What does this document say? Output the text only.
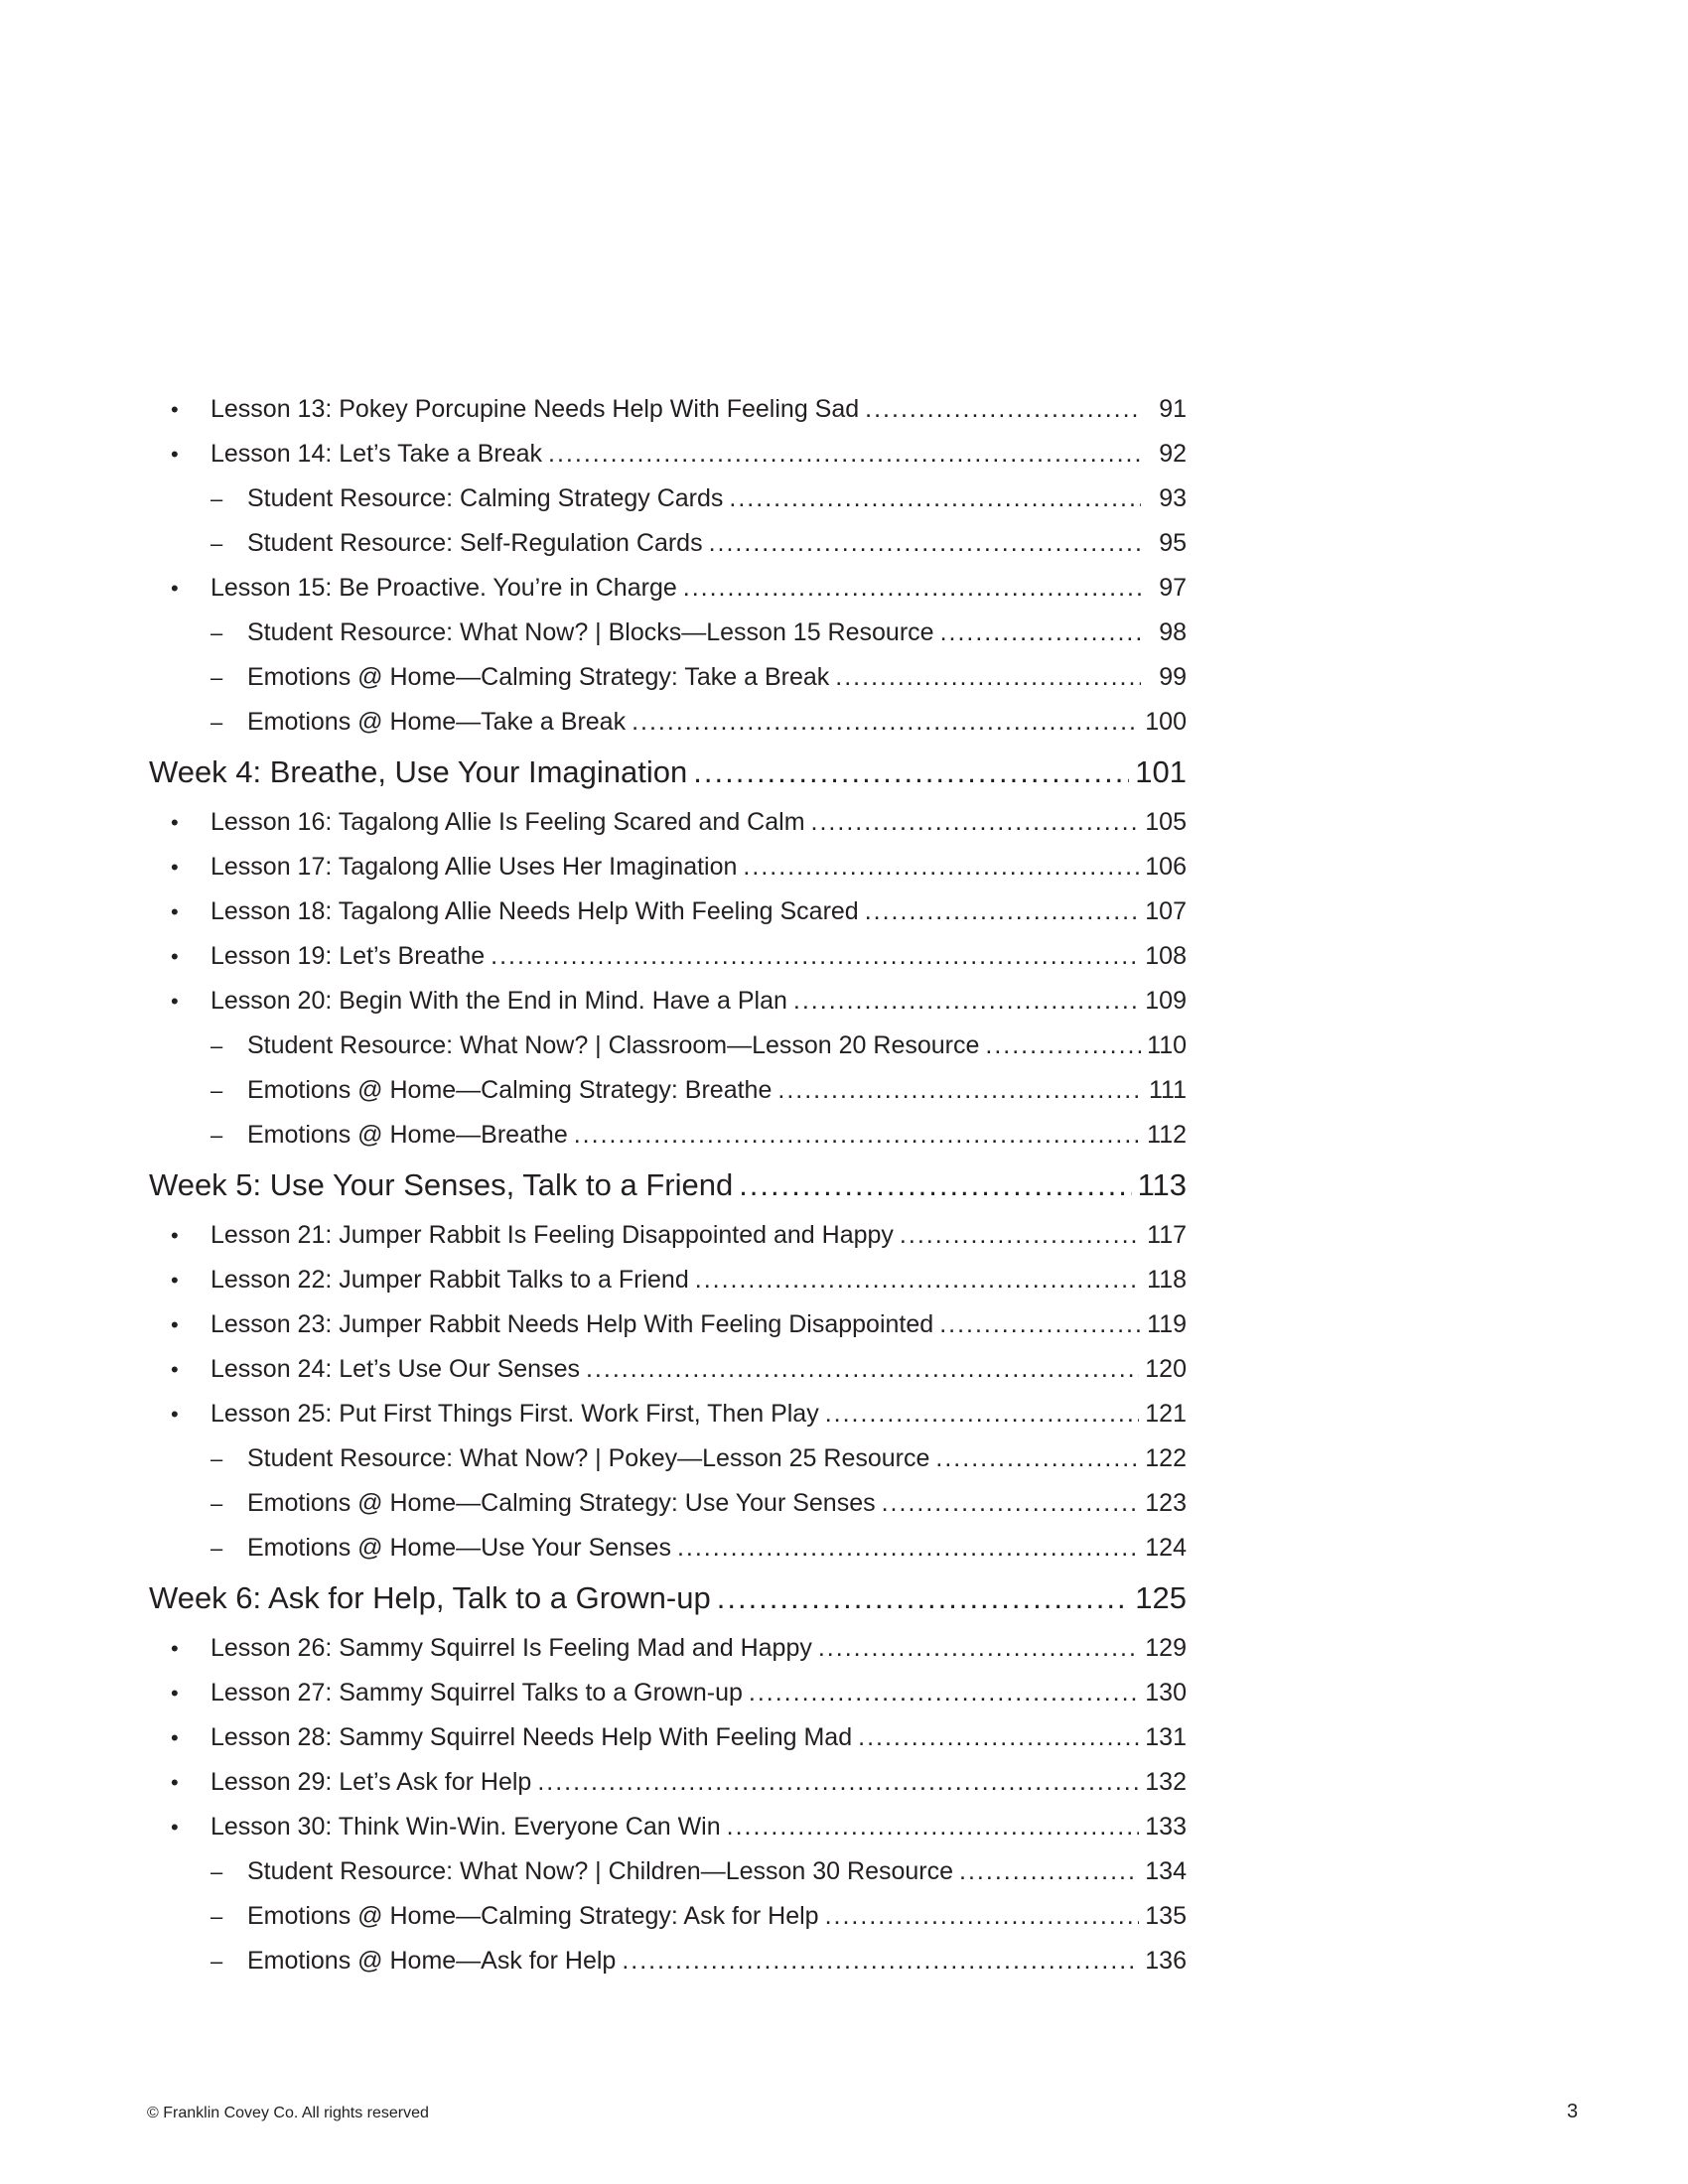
• Lesson 13: Pokey Porcupine Needs Help With Feeling Sad .....	91
• Lesson 14: Let’s Take a Break .....	92
– Student Resource: Calming Strategy Cards .....	93
– Student Resource: Self-Regulation Cards .....	95
• Lesson 15: Be Proactive. You’re in Charge .....	97
– Student Resource: What Now? | Blocks—Lesson 15 Resource .....	98
– Emotions @ Home—Calming Strategy: Take a Break .....	99
– Emotions @ Home—Take a Break .....	100
Week 4: Breathe, Use Your Imagination .....	101
• Lesson 16: Tagalong Allie Is Feeling Scared and Calm .....	105
• Lesson 17: Tagalong Allie Uses Her Imagination .....	106
• Lesson 18: Tagalong Allie Needs Help With Feeling Scared .....	107
• Lesson 19: Let’s Breathe .....	108
• Lesson 20: Begin With the End in Mind. Have a Plan .....	109
– Student Resource: What Now? | Classroom—Lesson 20 Resource .....	110
– Emotions @ Home—Calming Strategy: Breathe .....	111
– Emotions @ Home—Breathe .....	112
Week 5: Use Your Senses, Talk to a Friend .....	113
• Lesson 21: Jumper Rabbit Is Feeling Disappointed and Happy .....	117
• Lesson 22: Jumper Rabbit Talks to a Friend .....	118
• Lesson 23: Jumper Rabbit Needs Help With Feeling Disappointed .....	119
• Lesson 24: Let’s Use Our Senses .....	120
• Lesson 25: Put First Things First. Work First, Then Play .....	121
– Student Resource: What Now? | Pokey—Lesson 25 Resource .....	122
– Emotions @ Home—Calming Strategy: Use Your Senses .....	123
– Emotions @ Home—Use Your Senses .....	124
Week 6: Ask for Help, Talk to a Grown-up .....	125
• Lesson 26: Sammy Squirrel Is Feeling Mad and Happy .....	129
• Lesson 27: Sammy Squirrel Talks to a Grown-up .....	130
• Lesson 28: Sammy Squirrel Needs Help With Feeling Mad .....	131
• Lesson 29: Let’s Ask for Help .....	132
• Lesson 30: Think Win-Win. Everyone Can Win .....	133
– Student Resource: What Now? | Children—Lesson 30 Resource .....	134
– Emotions @ Home—Calming Strategy: Ask for Help .....	135
– Emotions @ Home—Ask for Help .....	136
© Franklin Covey Co. All rights reserved	3
